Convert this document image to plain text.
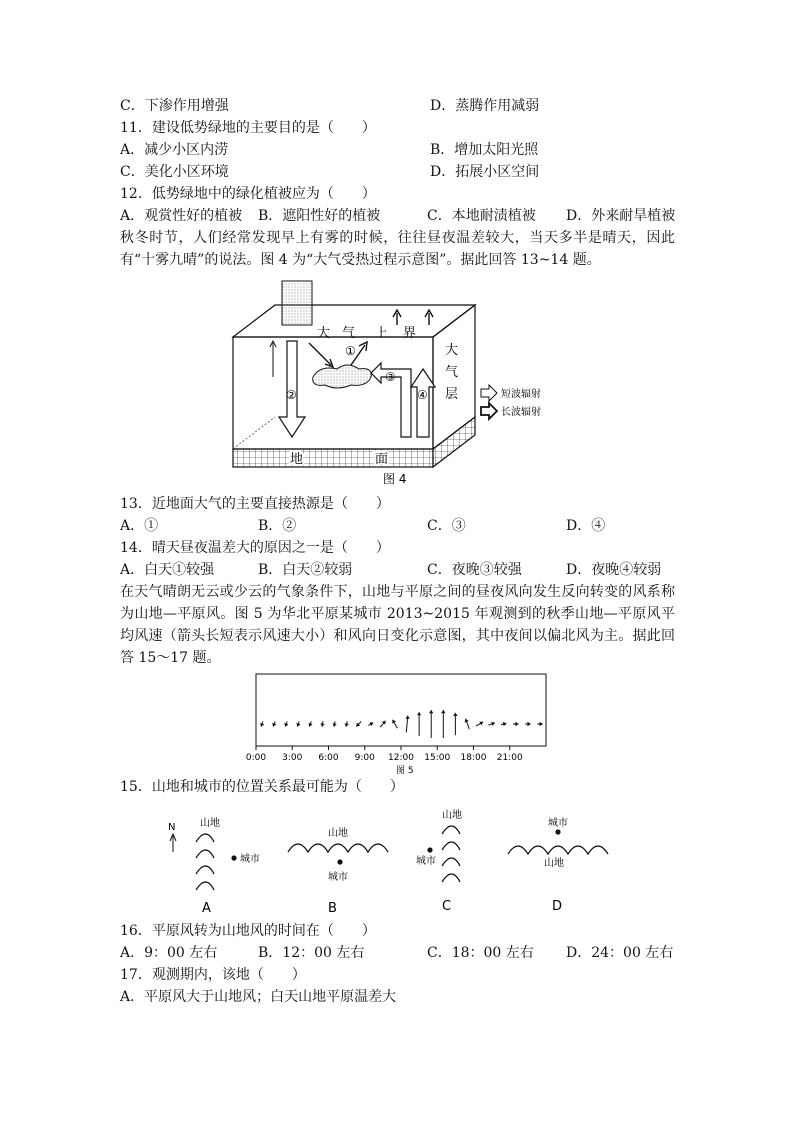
C．下渗作用增强	D．蒸腾作用减弱
11．建设低势绿地的主要目的是（　　）
A．减少小区内涝	B．增加太阳光照
C．美化小区环境	D．拓展小区空间
12．低势绿地中的绿化植被应为（　　）
A．观赏性好的植被 B．遮阳性好的植被	C．本地耐渍植被 D．外来耐旱植被
秋冬时节，人们经常发现早上有雾的时候，往往昼夜温差较大，当天多半是晴天，因此有“十雾九晴”的说法。图 4 为“大气受热过程示意图”。据此回答 13~14 题。
大 气 上 界
大
气
层
②
①
③
④
地	面
短波辐射
长波辐射
图 4
13．近地面大气的主要直接热源是（　　）
A．①	B．②	C．③	D．④
14．晴天昼夜温差大的原因之一是（　　）
A．白天①较强	B．白天②较弱	C．夜晚③较强	D．夜晚④较弱
在天气晴朗无云或少云的气象条件下，山地与平原之间的昼夜风向发生反向转变的风系称为山地—平原风。图 5 为华北平原某城市 2013~2015 年观测到的秋季山地—平原风平均风速（箭头长短表示风速大小）和风向日变化示意图，其中夜间以偏北风为主。据此回答 15～17 题。
0:00 3:00 6:00 9:00 12:00 15:00 18:00 21:00
图 5
15．山地和城市的位置关系最可能为（　　）
N 山地
城市
A
山地
城市
B
山地
城市
C
城市
山地
D
16．平原风转为山地风的时间在（　　）
A．9：00 左右	B．12：00 左右	C．18：00 左右 D．24：00 左右
17．观测期内，该地（　　）
A．平原风大于山地风；白天山地平原温差大
